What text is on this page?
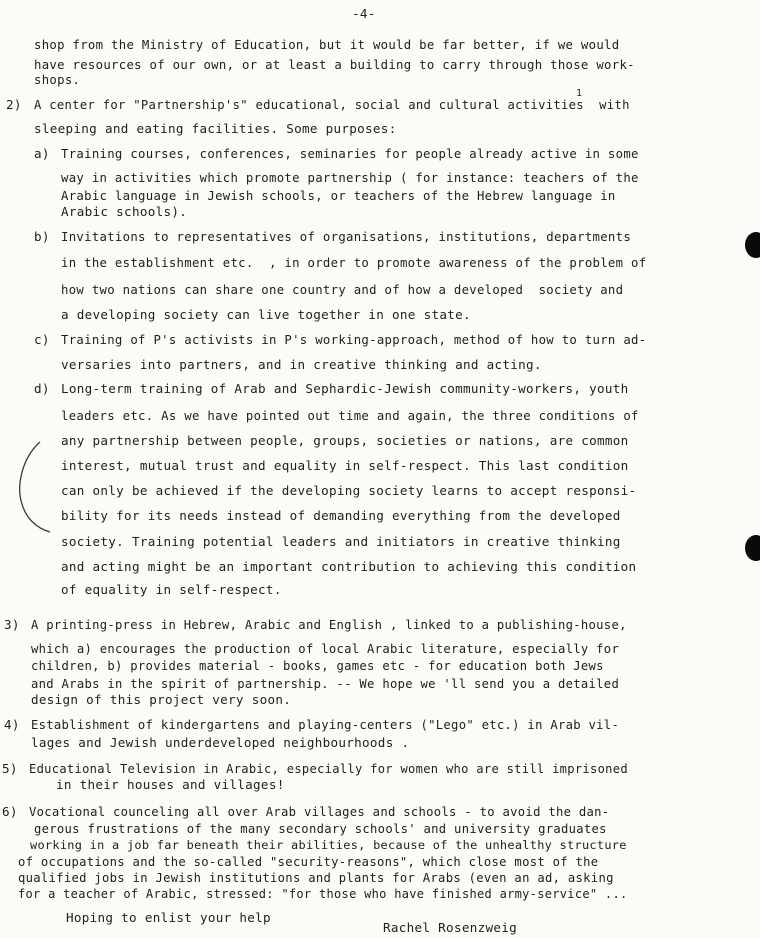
-4-
shop from the Ministry of Education, but it would be far better, if we would
have resources of our own, or at least a building to carry through those work-
shops.
2) A center for "Partnership's" educational, social and cultural activities  with
1
sleeping and eating facilities. Some purposes:
a) Training courses, conferences, seminaries for people already active in some
way in activities which promote partnership ( for instance: teachers of the
Arabic language in Jewish schools, or teachers of the Hebrew language in
Arabic schools).
b) Invitations to representatives of organisations, institutions, departments
in the establishment etc.  , in order to promote awareness of the problem of
how two nations can share one country and of how a developed  society and
a developing society can live together in one state.
c) Training of P's activists in P's working-approach, method of how to turn ad-
versaries into partners, and in creative thinking and acting.
d) Long-term training of Arab and Sephardic-Jewish community-workers, youth
leaders etc. As we have pointed out time and again, the three conditions of
any partnership between people, groups, societies or nations, are common
interest, mutual trust and equality in self-respect. This last condition
can only be achieved if the developing society learns to accept responsi-
bility for its needs instead of demanding everything from the developed
society. Training potential leaders and initiators in creative thinking
and acting might be an important contribution to achieving this condition
of equality in self-respect.
3) A printing-press in Hebrew, Arabic and English , linked to a publishing-house,
which a) encourages the production of local Arabic literature, especially for
children, b) provides material - books, games etc - for education both Jews
and Arabs in the spirit of partnership. -- We hope we 'll send you a detailed
design of this project very soon.
4) Establishment of kindergartens and playing-centers ("Lego" etc.) in Arab vil-
lages and Jewish underdeveloped neighbourhoods .
5) Educational Television in Arabic, especially for women who are still imprisoned
in their houses and villages!
6) Vocational counceling all over Arab villages and schools - to avoid the dan-
gerous frustrations of the many secondary schools' and university graduates
working in a job far beneath their abilities, because of the unhealthy structure
of occupations and the so-called "security-reasons", which close most of the
qualified jobs in Jewish institutions and plants for Arabs (even an ad, asking
for a teacher of Arabic, stressed: "for those who have finished army-service" ...
Hoping to enlist your help
Rachel Rosenzweig
